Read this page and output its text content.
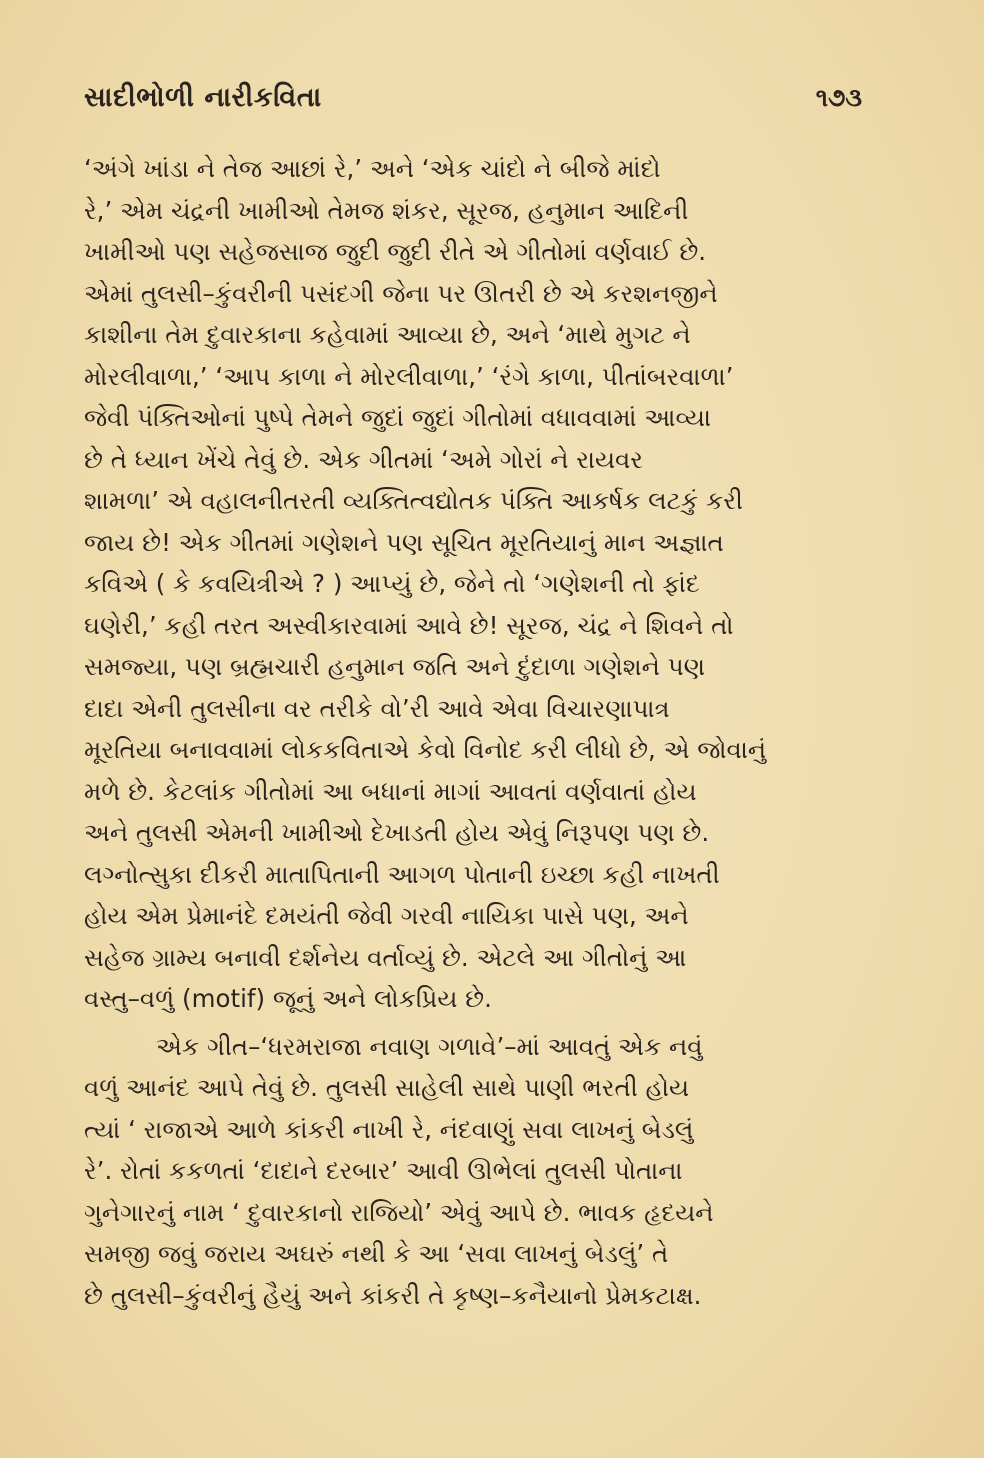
સાદીભોળી નારીકવિતા	૧૭૩
‘અંગે ખાંડા ને તેજ આછાં રે,’ અને ‘એક ચાંદો ને બીજે માંદો
રે,’ એમ ચંદ્રની ખામીઓ તેમજ શંકર, સૂરજ, હનુમાન આદિની
ખામીઓ પણ સહેજસાજ જુદી જુદી રીતે એ ગીતોમાં વર્ણવાઈ છે.
એમાં તુલસી–કુંવરીની પસંદગી જેના પર ઊતરી છે એ કરશનજીને
કાશીના તેમ દુવારકાના કહેવામાં આવ્યા છે, અને ‘માથે મુગટ ને
મોરલીવાળા,’ ‘આપ કાળા ને મોરલીવાળા,’ ‘રંગે કાળા, પીતાંબરવાળા’
જેવી પંક્તિઓનાં પુષ્પે તેમને જુદાં જુદાં ગીતોમાં વધાવવામાં આવ્યા
છે તે ધ્યાન ખેંચે તેવું છે. એક ગીતમાં ‘અમે ગોરાં ને રાયવર
શામળા’ એ વહાલનીતરતી વ્યક્તિત્વદ્યોતક પંક્તિ આકર્ષક લટકું કરી
જાય છે! એક ગીતમાં ગણેશને પણ સૂચિત મૂરતિયાનું માન અજ્ઞાત
કવિએ ( કે કવયિત્રીએ ? ) આપ્યું છે, જેને તો ‘ગણેશની તો ફાંદ
ઘણેરી,’ કહી તરત અસ્વીકારવામાં આવે છે! સૂરજ, ચંદ્ર ને શિવને તો
સમજ્યા, પણ બ્રહ્મચારી હનુમાન જતિ અને દુંદાળા ગણેશને પણ
દાદા એની તુલસીના વર તરીકે વો’રી આવે એવા વિચારણાપાત્ર
મૂરતિયા બનાવવામાં લોકકવિતાએ કેવો વિનોદ કરી લીધો છે, એ જોવાનું
મળે છે. કેટલાંક ગીતોમાં આ બધાનાં માગાં આવતાં વર્ણવાતાં હોય
અને તુલસી એમની ખામીઓ દેખાડતી હોય એવું નિરૂપણ પણ છે.
લગ્નોત્સુકા દીકરી માતાપિતાની આગળ પોતાની ઇચ્છા કહી નાખતી
હોય એમ પ્રેમાનંદે દમયંતી જેવી ગરવી નાયિકા પાસે પણ, અને
સહેજ ગ્રામ્ય બનાવી દર્શનેય વર્તાવ્યું છે. એટલે આ ગીતોનું આ
વસ્તુ–વળું (motif) જૂનું અને લોકપ્રિય છે.
એક ગીત–‘ધરમરાજા નવાણ ગળાવે’–માં આવતું એક નવું
વળું આનંદ આપે તેવું છે. તુલસી સાહેલી સાથે પાણી ભરતી હોય
ત્યાં ‘ રાજાએ આળે કાંકરી નાખી રે, નંદવાણું સવા લાખનું બેડલું
રે’. રોતાં કકળતાં ‘દાદાને દરબાર’ આવી ઊભેલાં તુલસી પોતાના
ગુનેગારનું નામ ‘ દુવારકાનો રાજિયો’ એવું આપે છે. ભાવક હૃદયને
સમજી જવું જરાય અઘરું નથી કે આ ‘સવા લાખનું બેડલું’ તે
છે તુલસી–કુંવરીનું હૈયું અને કાંકરી તે કૃષ્ણ–કનૈયાનો પ્રેમકટાક્ષ.
